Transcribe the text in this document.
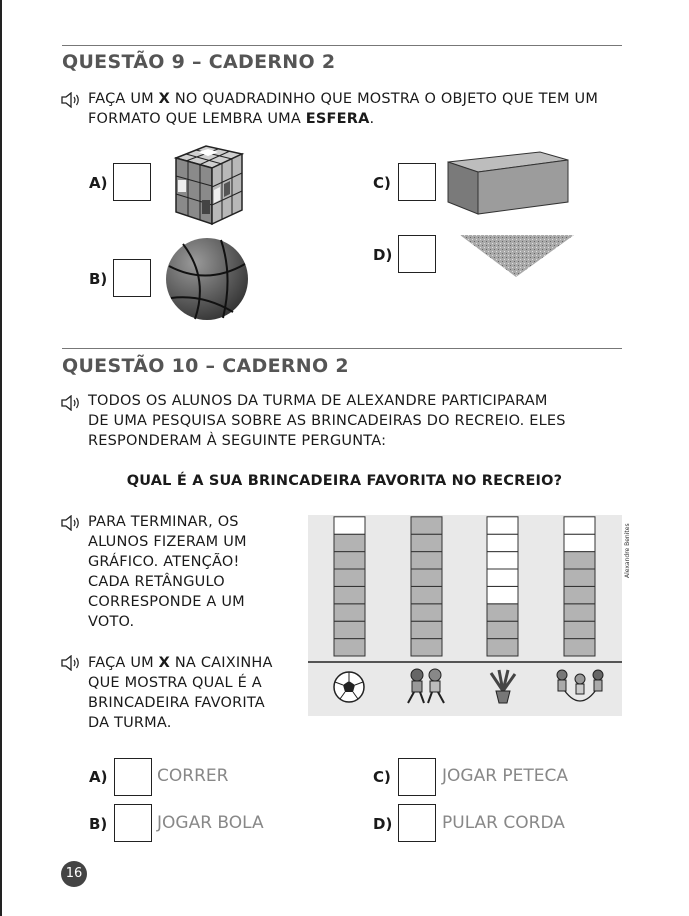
QUESTÃO 9 – CADERNO 2
FAÇA UM X NO QUADRADINHO QUE MOSTRA O OBJETO QUE TEM UM
FORMATO QUE LEMBRA UMA ESFERA.
A)
B)
C)
D)
QUESTÃO 10 – CADERNO 2
TODOS OS ALUNOS DA TURMA DE ALEXANDRE PARTICIPARAM
DE UMA PESQUISA SOBRE AS BRINCADEIRAS DO RECREIO. ELES
RESPONDERAM À SEGUINTE PERGUNTA:
QUAL É A SUA BRINCADEIRA FAVORITA NO RECREIO?
PARA TERMINAR, OS
ALUNOS FIZERAM UM
GRÁFICO. ATENÇÃO!
CADA RETÂNGULO
CORRESPONDE A UM
VOTO.
FAÇA UM X NA CAIXINHA
QUE MOSTRA QUAL É A
BRINCADEIRA FAVORITA
DA TURMA.
Alexandre Benites
A)	CORRER
B)	JOGAR BOLA
C)	JOGAR PETECA
D)	PULAR CORDA
16
